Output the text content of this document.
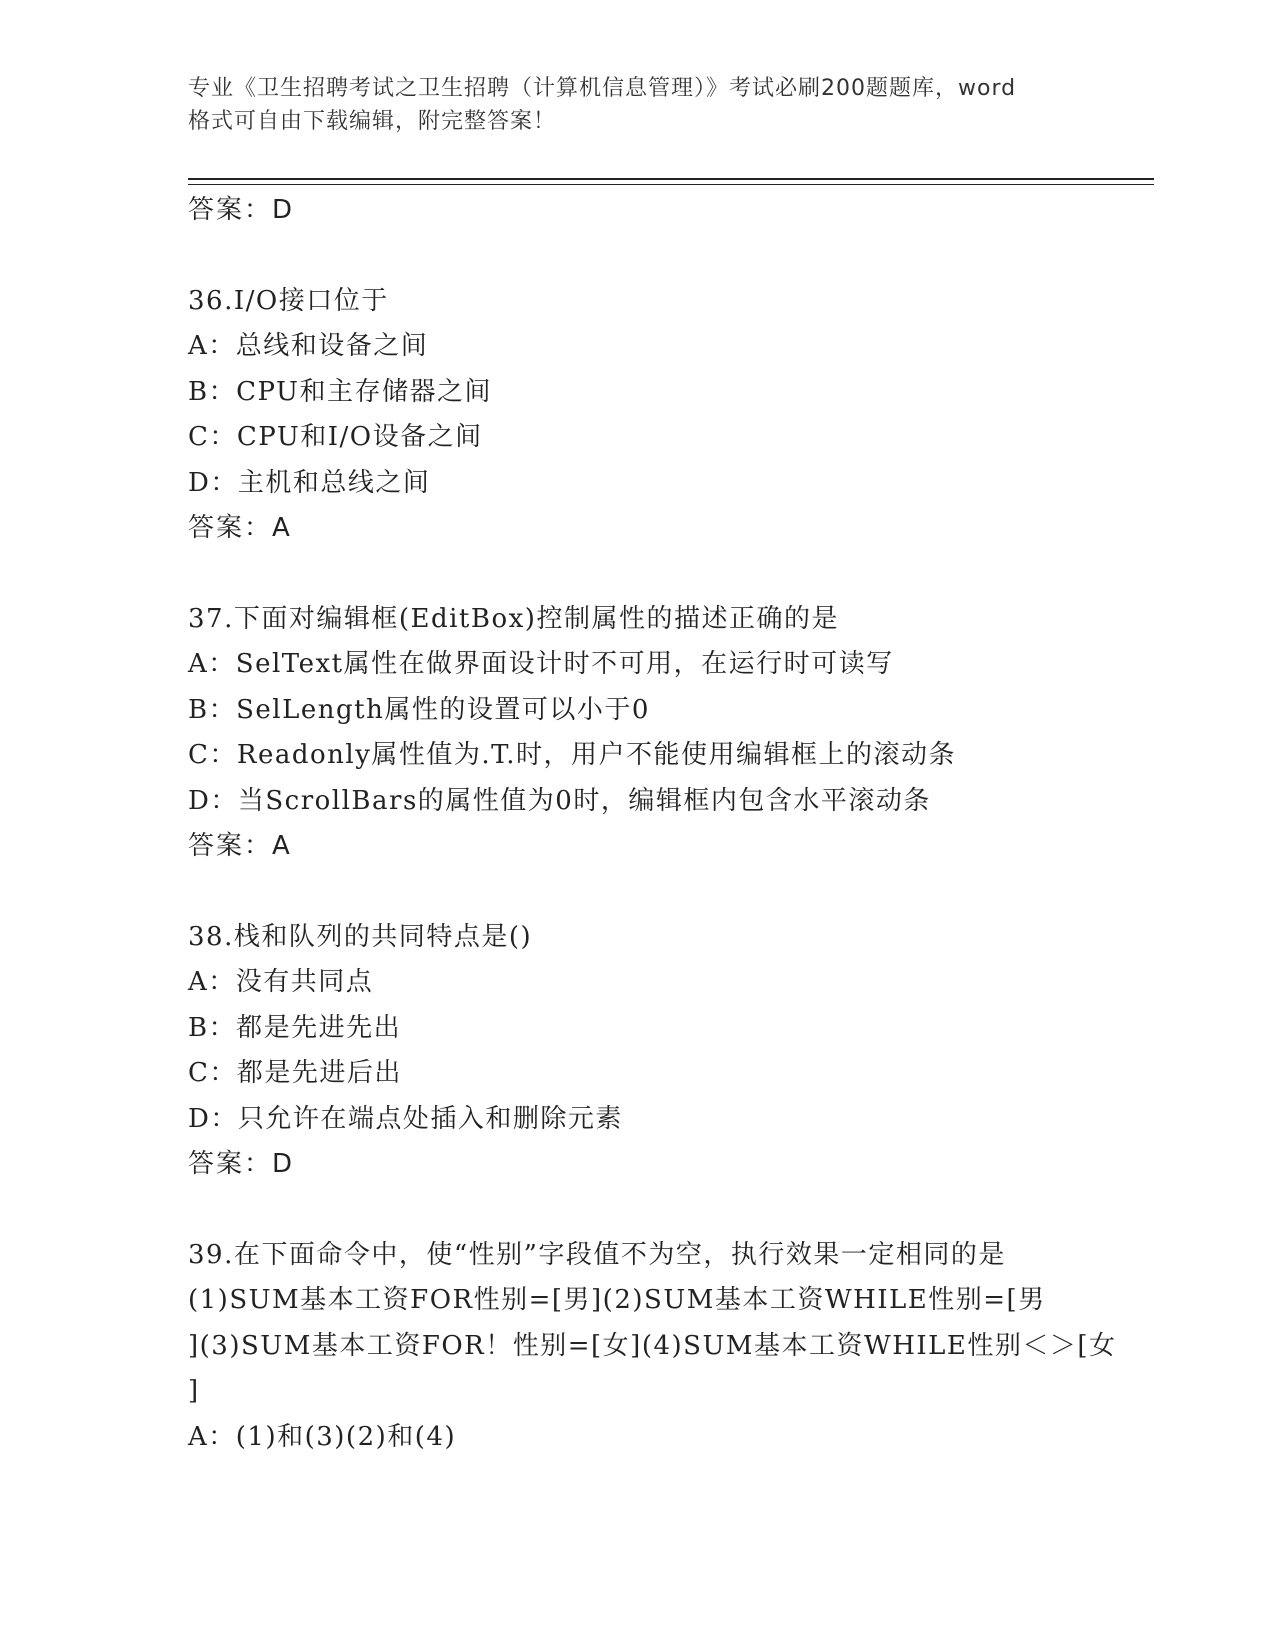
专业《卫生招聘考试之卫生招聘（计算机信息管理）》考试必刷200题题库，word
格式可自由下载编辑，附完整答案！
答案：D
36.I/O接口位于
A：总线和设备之间
B：CPU和主存储器之间
C：CPU和I/O设备之间
D：主机和总线之间
答案：A
37.下面对编辑框(EditBox)控制属性的描述正确的是
A：SelText属性在做界面设计时不可用，在运行时可读写
B：SelLength属性的设置可以小于0
C：Readonly属性值为.T.时，用户不能使用编辑框上的滚动条
D：当ScrollBars的属性值为0时，编辑框内包含水平滚动条
答案：A
38.栈和队列的共同特点是()
A：没有共同点
B：都是先进先出
C：都是先进后出
D：只允许在端点处插入和删除元素
答案：D
39.在下面命令中，使“性别”字段值不为空，执行效果一定相同的是
(1)SUM基本工资FOR性别=[男](2)SUM基本工资WHILE性别=[男
](3)SUM基本工资FOR！性别=[女](4)SUM基本工资WHILE性别＜＞[女
]
A：(1)和(3)(2)和(4)
